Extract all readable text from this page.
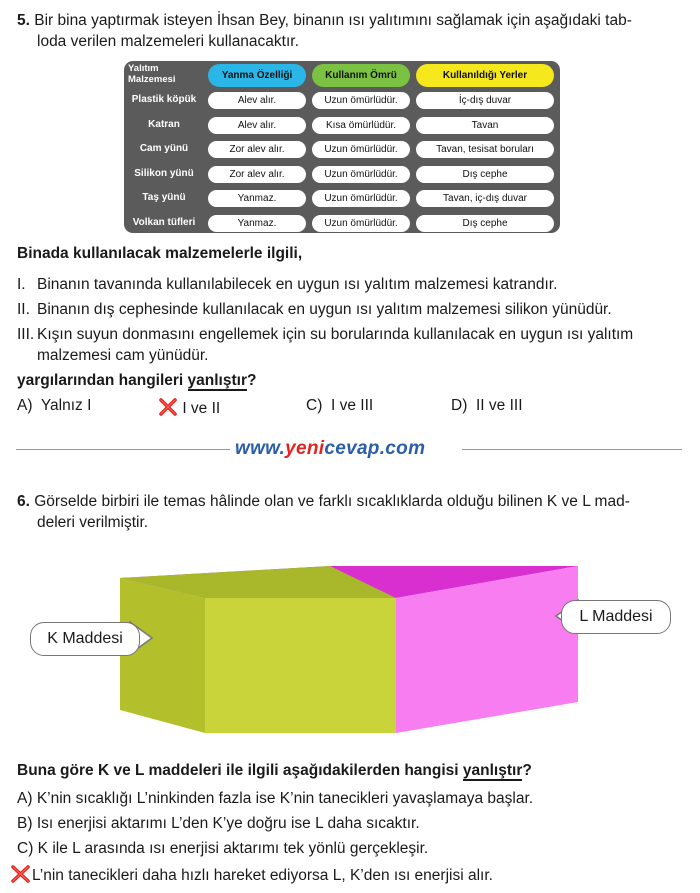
5. Bir bina yaptırmak isteyen İhsan Bey, binanın ısı yalıtımını sağlamak için aşağıdaki tab-
loda verilen malzemeleri kullanacaktır.
Yalıtım
Malzemesi	Yanma Özelliği	Kullanım Ömrü	Kullanıldığı Yerler
Plastik köpük	Alev alır.	Uzun ömürlüdür.	İç-dış duvar
Katran	Alev alır.	Kısa ömürlüdür.	Tavan
Cam yünü	Zor alev alır.	Uzun ömürlüdür.	Tavan, tesisat boruları
Silikon yünü	Zor alev alır.	Uzun ömürlüdür.	Dış cephe
Taş yünü	Yanmaz.	Uzun ömürlüdür.	Tavan, iç-dış duvar
Volkan tüfleri	Yanmaz.	Uzun ömürlüdür.	Dış cephe
Binada kullanılacak malzemelerle ilgili,
I. Binanın tavanında kullanılabilecek en uygun ısı yalıtım malzemesi katrandır.
II. Binanın dış cephesinde kullanılacak en uygun ısı yalıtım malzemesi silikon yünüdür.
III. Kışın suyun donmasını engellemek için su borularında kullanılacak en uygun ısı yalıtım
malzemesi cam yünüdür.
yargılarından hangileri yanlıştır?
A) Yalnız I	I ve II	C) I ve III	D) II ve III
www.yenicevap.com
6. Görselde birbiri ile temas hâlinde olan ve farklı sıcaklıklarda olduğu bilinen K ve L mad-
deleri verilmiştir.
K Maddesi
L Maddesi
Buna göre K ve L maddeleri ile ilgili aşağıdakilerden hangisi yanlıştır?
A) K’nin sıcaklığı L’ninkinden fazla ise K’nin tanecikleri yavaşlamaya başlar.
B) Isı enerjisi aktarımı L’den K’ye doğru ise L daha sıcaktır.
C) K ile L arasında ısı enerjisi aktarımı tek yönlü gerçekleşir.
L’nin tanecikleri daha hızlı hareket ediyorsa L, K’den ısı enerjisi alır.
